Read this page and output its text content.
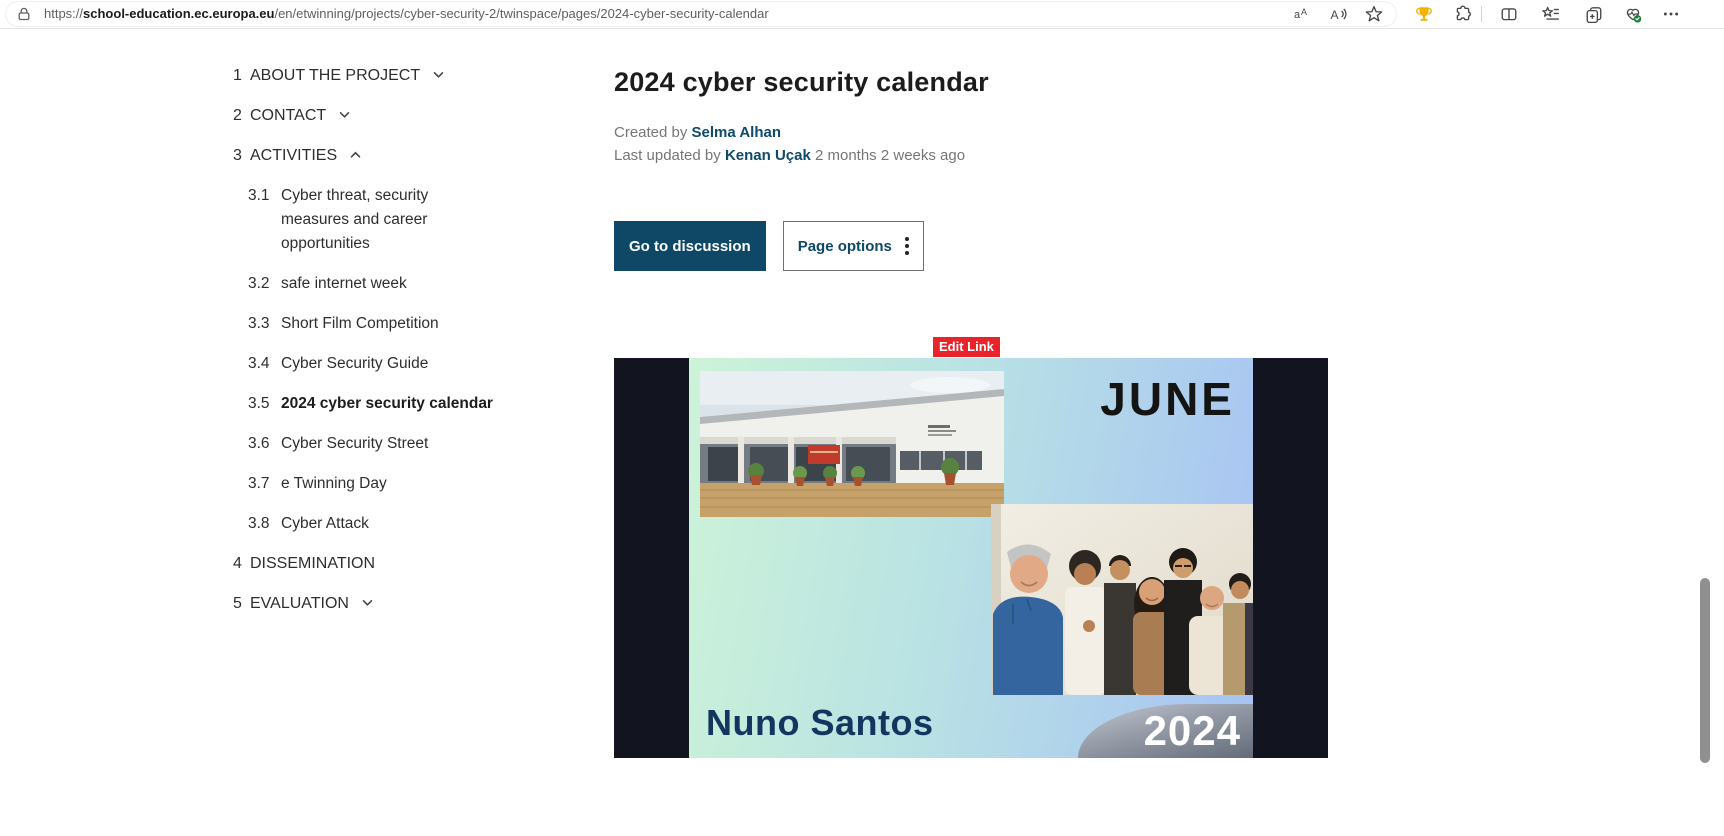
https://school-education.ec.europa.eu/en/etwinning/projects/cyber-security-2/twinspace/pages/2024-cyber-security-calendar	a A A
1 ABOUT THE PROJECT
2 CONTACT
3 ACTIVITIES
3.1 Cyber threat, security measures and career opportunities
3.2 safe internet week
3.3 Short Film Competition
3.4 Cyber Security Guide
3.5 2024 cyber security calendar
3.6 Cyber Security Street
3.7 e Twinning Day
3.8 Cyber Attack
4 DISSEMINATION
5 EVALUATION
2024 cyber security calendar
Created by Selma Alhan
Last updated by Kenan Uçak 2 months 2 weeks ago
Go to discussion	Page options
Edit Link
JUNE
Nuno Santos	2024
